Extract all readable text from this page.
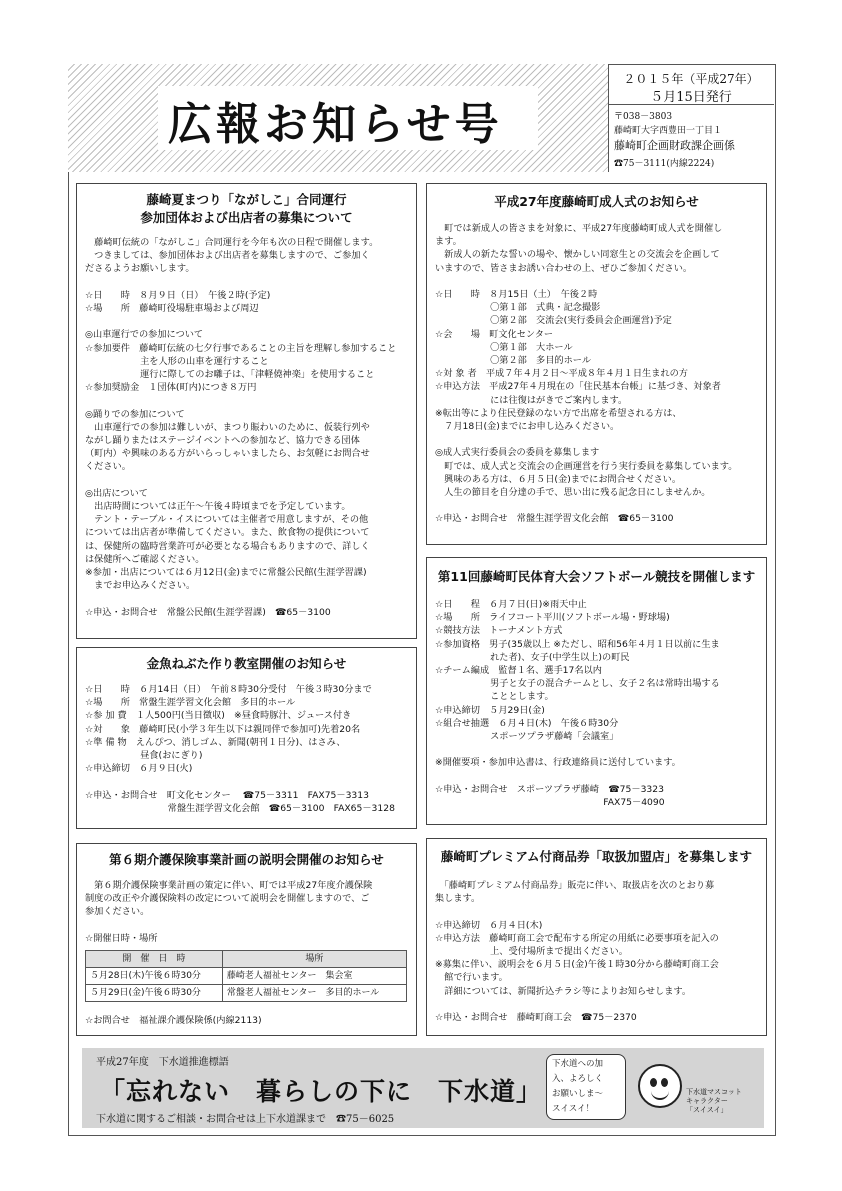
広報お知らせ号
２０１５年（平成27年）
５月15日発行
〒038－3803
藤崎町大字西豊田一丁目１
藤崎町企画財政課企画係
☎75－3111(内線2224)
藤崎夏まつり「ながしこ」合同運行
参加団体および出店者の募集について
　藤崎町伝統の「ながしこ」合同運行を今年も次の日程で開催します。
　つきましては、参加団体および出店者を募集しますので、ご参加く
ださるようお願いします。
☆日　　時　８月９日（日）　午後２時(予定)
☆場　　所　藤崎町役場駐車場および周辺
◎山車運行での参加について
☆参加要件　藤崎町伝統の七夕行事であることの主旨を理解し参加すること
　　　　　　主を人形の山車を運行すること
　　　　　　運行に際してのお囃子は、「津軽僥神楽」を使用すること
☆参加奨励金　１団体(町内)につき８万円
◎踊りでの参加について
　山車運行での参加は難しいが、まつり賑わいのために、仮装行列や
ながし踊りまたはステージイベントへの参加など、協力できる団体
（町内）や興味のある方がいらっしゃいましたら、お気軽にお問合せ
ください。
◎出店について
　出店時間については正午～午後４時頃までを予定しています。
　テント・テーブル・イスについては主催者で用意しますが、その他
については出店者が準備してください。また、飲食物の提供について
は、保健所の臨時営業許可が必要となる場合もありますので、詳しく
は保健所へご確認ください。
※参加・出店については６月12日(金)までに常盤公民館(生涯学習課)
　までお申込みください。
☆申込・お問合せ　常盤公民館(生涯学習課)　☎65－3100
金魚ねぶた作り教室開催のお知らせ
☆日　　時　６月14日（日）　午前８時30分受付　午後３時30分まで
☆場　　所　常盤生涯学習文化会館　多目的ホール
☆参 加 費　１人500円(当日徴収)　※昼食時豚汁、ジュース付き
☆対　　象　藤崎町民(小学３年生以下は親同伴で参加可)先着20名
☆準 備 物　えんぴつ、消しゴム、新聞(朝刊１日分)、はさみ、
　　　　　　昼食(おにぎり)
☆申込締切　６月９日(火)
☆申込・お問合せ　町文化センター　 ☎75－3311　FAX75－3313
　　　　　　　　　常盤生涯学習文化会館　☎65－3100　FAX65－3128
第６期介護保険事業計画の説明会開催のお知らせ
　第６期介護保険事業計画の策定に伴い、町では平成27年度介護保険
制度の改正や介護保険料の改定について説明会を開催しますので、ご
参加ください。
☆開催日時・場所
開　催　日　時	場所
５月28日(木)午後６時30分	藤崎老人福祉センター　集会室
５月29日(金)午後６時30分	常盤老人福祉センター　多目的ホール

☆お問合せ　福祉課介護保険係(内線2113)

平成27年度藤崎町成人式のお知らせ
　町では新成人の皆さまを対象に、平成27年度藤崎町成人式を開催し
ます。
　新成人の新たな誓いの場や、懐かしい同窓生との交流会を企画して
いますので、皆さまお誘い合わせの上、ぜひご参加ください。
☆日　　時　８月15日（土）　午後２時
　　　　　　〇第１部　式典・記念撮影
　　　　　　〇第２部　交流会(実行委員会企画運営)予定
☆会　　場　町文化センター
　　　　　　〇第１部　大ホール
　　　　　　〇第２部　多目的ホール
☆対 象 者　平成７年４月２日～平成８年４月１日生まれの方
☆申込方法　平成27年４月現在の「住民基本台帳」に基づき、対象者
　　　　　　には往復はがきでご案内します。
※転出等により住民登録のない方で出席を希望される方は、
　７月18日(金)までにお申し込みください。
◎成人式実行委員会の委員を募集します
　町では、成人式と交流会の企画運営を行う実行委員を募集しています。
　興味のある方は、６月５日(金)までにお問合せください。
　人生の節目を自分達の手で、思い出に残る記念日にしませんか。
☆申込・お問合せ　常盤生涯学習文化会館　☎65－3100
第11回藤崎町民体育大会ソフトボール競技を開催します
☆日　　程　６月７日(日)※雨天中止
☆場　　所　ライフコート平川(ソフトボール場・野球場)
☆競技方法　トーナメント方式
☆参加資格　男子(35歳以上 ※ただし、昭和56年４月１日以前に生ま
　　　　　　れた者)、女子(中学生以上)の町民
☆チーム編成　監督１名、選手17名以内
　　　　　　男子と女子の混合チームとし、女子２名は常時出場する
　　　　　　こととします。
☆申込締切　５月29日(金)
☆組合せ抽選　６月４日(木)　午後６時30分
　　　　　　スポーツプラザ藤崎「会議室」
※開催要項・参加申込書は、行政連絡員に送付しています。
☆申込・お問合せ　スポーツプラザ藤崎　☎75－3323
　　　　　　　　　　　　　　　　　　 FAX75－4090
藤崎町プレミアム付商品券「取扱加盟店」を募集します
　「藤崎町プレミアム付商品券」販売に伴い、取扱店を次のとおり募
集します。
☆申込締切　６月４日(木)
☆申込方法　藤崎町商工会で配布する所定の用紙に必要事項を記入の
　　　　　　上、受付場所まで提出ください。
※募集に伴い、説明会を６月５日(金)午後１時30分から藤崎町商工会
　館で行います。
　詳細については、新聞折込チラシ等によりお知らせします。
☆申込・お問合せ　藤崎町商工会　☎75－2370
平成27年度　下水道推進標語
「忘れない　暮らしの下に　下水道」
下水道に関するご相談・お問合せは上下水道課まで　☎75－6025
下水道への加
入、よろしく
お願いしま～
スイスイ！
下水道マスコット
キャラクター
「スイスイ」
